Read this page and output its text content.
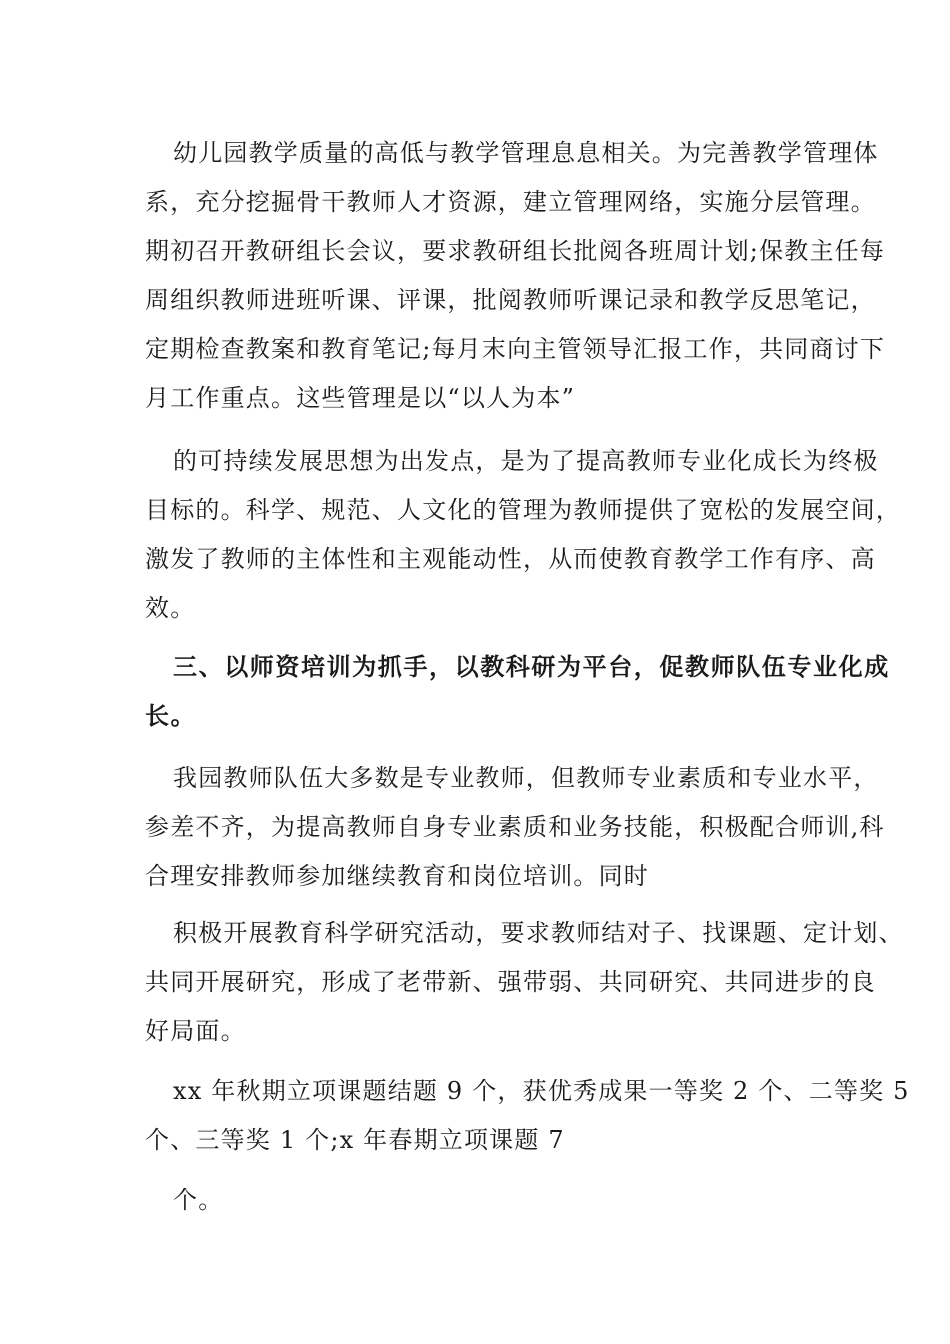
幼儿园教学质量的高低与教学管理息息相关。为完善教学管理体
系，充分挖掘骨干教师人才资源，建立管理网络，实施分层管理。
期初召开教研组长会议，要求教研组长批阅各班周计划;保教主任每
周组织教师进班听课、评课，批阅教师听课记录和教学反思笔记，
定期检查教案和教育笔记;每月末向主管领导汇报工作，共同商讨下
月工作重点。这些管理是以“以人为本”
的可持续发展思想为出发点，是为了提高教师专业化成长为终极
目标的。科学、规范、人文化的管理为教师提供了宽松的发展空间，
激发了教师的主体性和主观能动性，从而使教育教学工作有序、高
效。
三、以师资培训为抓手，以教科研为平台，促教师队伍专业化成
长。
我园教师队伍大多数是专业教师，但教师专业素质和专业水平，
参差不齐，为提高教师自身专业素质和业务技能，积极配合师训,科
合理安排教师参加继续教育和岗位培训。同时
积极开展教育科学研究活动，要求教师结对子、找课题、定计划、
共同开展研究，形成了老带新、强带弱、共同研究、共同进步的良
好局面。
xx 年秋期立项课题结题 9 个，获优秀成果一等奖 2 个、二等奖 5
个、三等奖 1 个;x 年春期立项课题 7
个。
